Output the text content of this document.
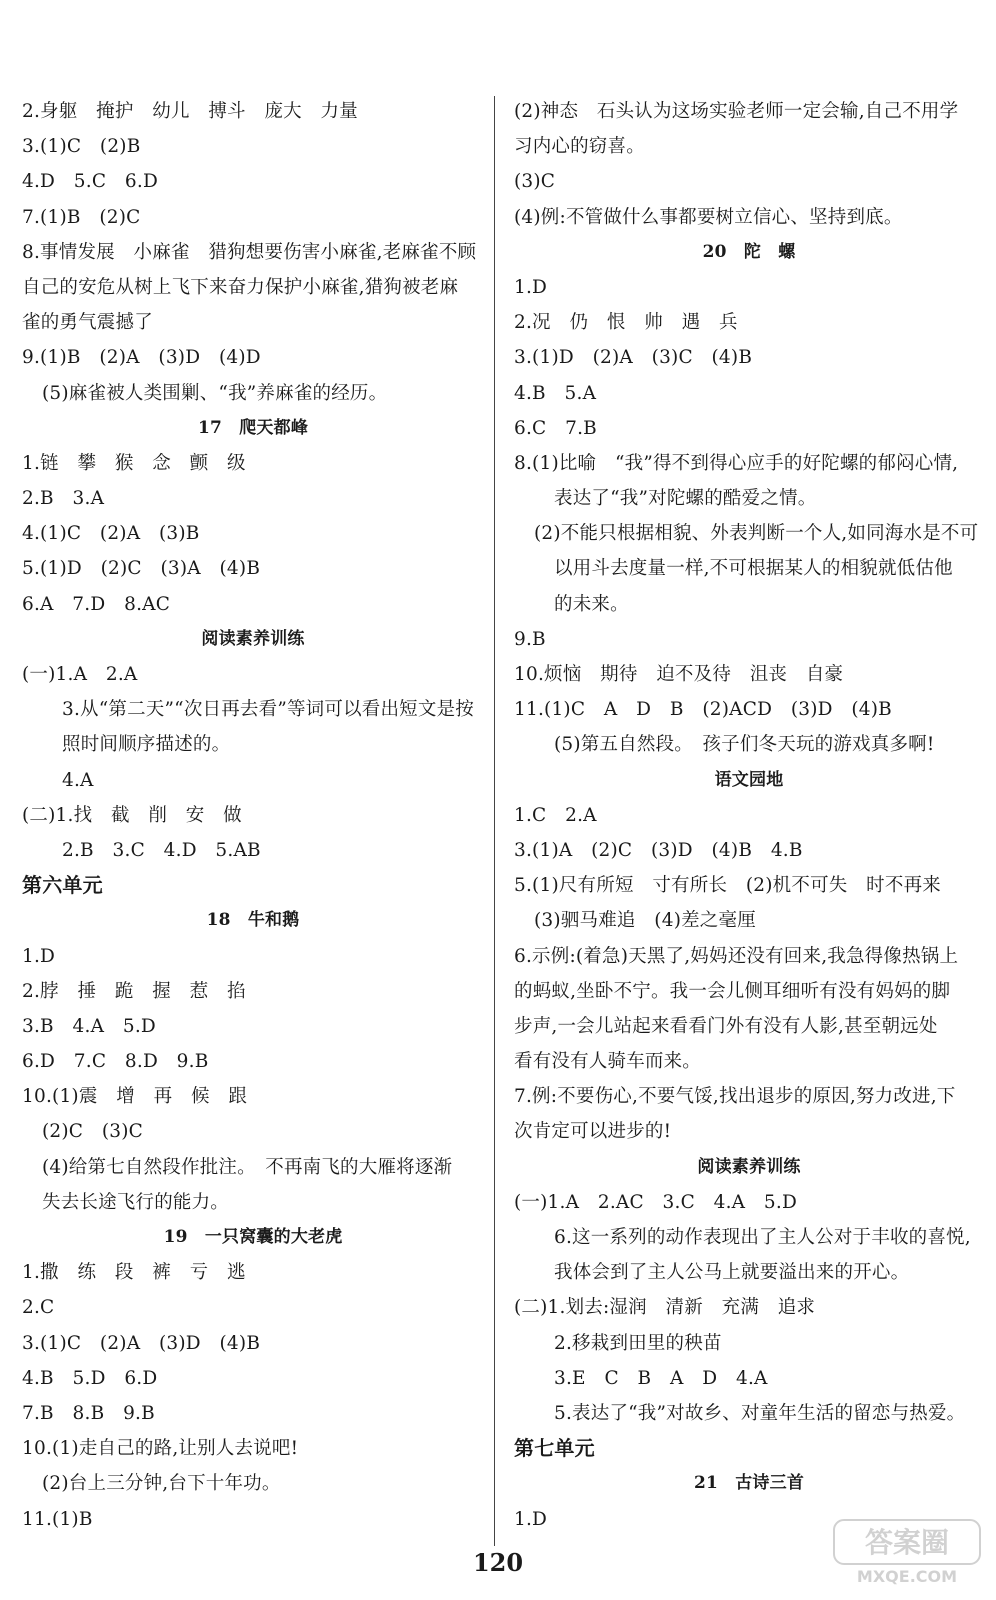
2.身躯　掩护　幼儿　搏斗　庞大　力量
3.(1)C　(2)B
4.D　5.C　6.D
7.(1)B　(2)C
8.事情发展　小麻雀　猎狗想要伤害小麻雀,老麻雀不顾
自己的安危从树上飞下来奋力保护小麻雀,猎狗被老麻
雀的勇气震撼了
9.(1)B　(2)A　(3)D　(4)D
(5)麻雀被人类围剿、“我”养麻雀的经历。
17　爬天都峰
1.链　攀　猴　念　颤　级
2.B　3.A
4.(1)C　(2)A　(3)B
5.(1)D　(2)C　(3)A　(4)B
6.A　7.D　8.AC
阅读素养训练
(一)1.A　2.A
3.从“第二天”“次日再去看”等词可以看出短文是按
照时间顺序描述的。
4.A
(二)1.找　截　削　安　做
2.B　3.C　4.D　5.AB
第六单元
18　牛和鹅
1.D
2.脖　捶　跪　握　惹　掐
3.B　4.A　5.D
6.D　7.C　8.D　9.B
10.(1)震　增　再　候　跟
(2)C　(3)C
(4)给第七自然段作批注。　不再南飞的大雁将逐渐
失去长途飞行的能力。
19　一只窝囊的大老虎
1.撒　练　段　裤　亏　逃
2.C
3.(1)C　(2)A　(3)D　(4)B
4.B　5.D　6.D
7.B　8.B　9.B
10.(1)走自己的路,让别人去说吧!
(2)台上三分钟,台下十年功。
11.(1)B
(2)神态　石头认为这场实验老师一定会输,自己不用学
习内心的窃喜。
(3)C
(4)例:不管做什么事都要树立信心、坚持到底。
20　陀　螺
1.D
2.况　仍　恨　帅　遇　兵
3.(1)D　(2)A　(3)C　(4)B
4.B　5.A
6.C　7.B
8.(1)比喻　“我”得不到得心应手的好陀螺的郁闷心情,
表达了“我”对陀螺的酷爱之情。
(2)不能只根据相貌、外表判断一个人,如同海水是不可
以用斗去度量一样,不可根据某人的相貌就低估他
的未来。
9.B
10.烦恼　期待　迫不及待　沮丧　自豪
11.(1)C　A　D　B　(2)ACD　(3)D　(4)B
(5)第五自然段。　孩子们冬天玩的游戏真多啊!
语文园地
1.C　2.A
3.(1)A　(2)C　(3)D　(4)B　4.B
5.(1)尺有所短　寸有所长　(2)机不可失　时不再来
(3)驷马难追　(4)差之毫厘
6.示例:(着急)天黑了,妈妈还没有回来,我急得像热锅上
的蚂蚁,坐卧不宁。我一会儿侧耳细听有没有妈妈的脚
步声,一会儿站起来看看门外有没有人影,甚至朝远处
看有没有人骑车而来。
7.例:不要伤心,不要气馁,找出退步的原因,努力改进,下
次肯定可以进步的!
阅读素养训练
(一)1.A　2.AC　3.C　4.A　5.D
6.这一系列的动作表现出了主人公对于丰收的喜悦,
我体会到了主人公马上就要溢出来的开心。
(二)1.划去:湿润　清新　充满　追求
2.移栽到田里的秧苗
3.E　C　B　A　D　4.A
5.表达了“我”对故乡、对童年生活的留恋与热爱。
第七单元
21　古诗三首
1.D
120
答案圈
MXQE.COM
